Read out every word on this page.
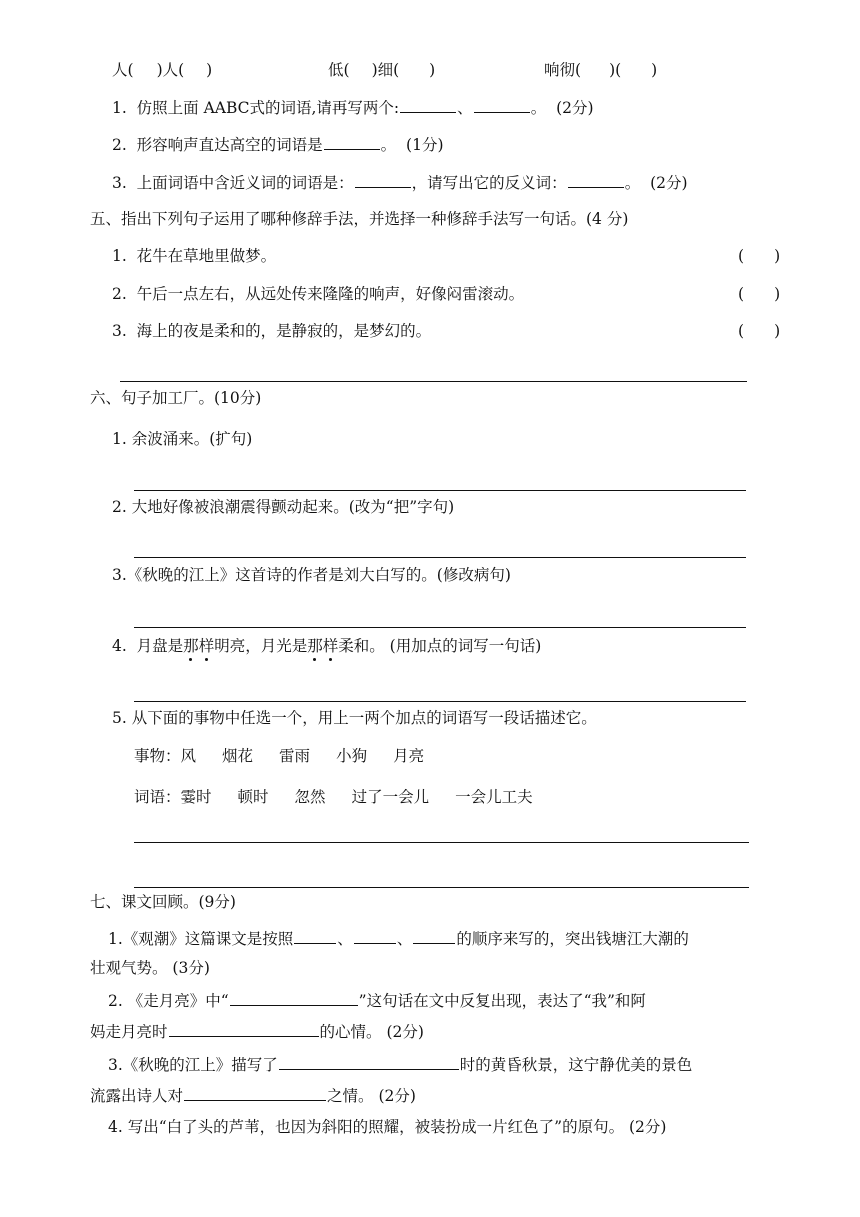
人( )人( )	低( )细( )	响彻( )( )
1. 仿照上面 AABC式的词语,请再写两个:	、	。 (2分)
2. 形容响声直达高空的词语是	。 (1分)
3. 上面词语中含近义词的词语是：	，请写出它的反义词：	。 (2分)
五、指出下列句子运用了哪种修辞手法，并选择一种修辞手法写一句话。(4 分)
1. 花牛在草地里做梦。	( )
2. 午后一点左右，从远处传来隆隆的响声，好像闷雷滚动。	( )
3. 海上的夜是柔和的，是静寂的，是梦幻的。	( )
六、句子加工厂。(10分)
1. 余波涌来。(扩句)
2. 大地好像被浪潮震得颤动起来。(改为“把”字句)
3.《秋晚的江上》这首诗的作者是刘大白写的。(修改病句)
4. 月盘是那样明亮，月光是那样柔和。 (用加点的词写一句话)
5. 从下面的事物中任选一个，用上一两个加点的词语写一段话描述它。
事物：风 烟花 雷雨 小狗 月亮
词语：霎时 顿时 忽然 过了一会儿 一会儿工夫
七、课文回顾。(9分)
1.《观潮》这篇课文是按照	、	、	的顺序来写的，突出钱塘江大潮的
壮观气势。 (3分)
2. 《走月亮》中“	”这句话在文中反复出现，表达了“我”和阿
妈走月亮时	的心情。 (2分)
3.《秋晚的江上》描写了	时的黄昏秋景，这宁静优美的景色
流露出诗人对	之情。 (2分)
4. 写出“白了头的芦苇，也因为斜阳的照耀，被装扮成一片红色了”的原句。 (2分)
